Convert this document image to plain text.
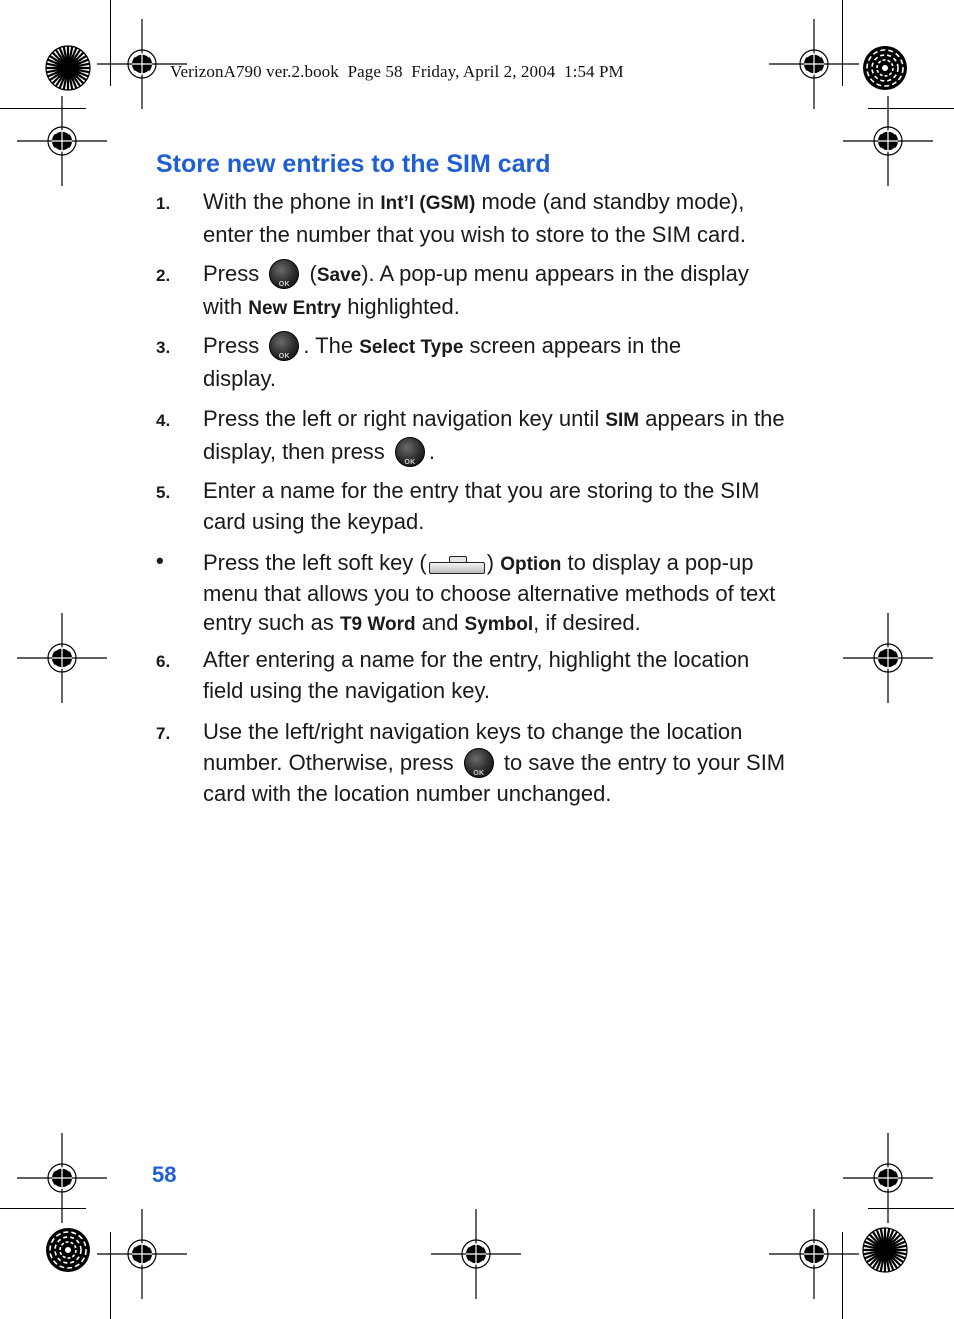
VerizonA790 ver.2.book  Page 58  Friday, April 2, 2004  1:54 PM
Store new entries to the SIM card
1.	With the phone in Int’l (GSM) mode (and standby mode), enter the number that you wish to store to the SIM card.
2.	Press	OK (Save). A pop-up menu appears in the display with New Entry highlighted.
3.	Press	OK . The Select Type screen appears in the display.
4.	Press the left or right navigation key until SIM appears in the display, then press	OK .
5.	Enter a name for the entry that you are storing to the SIM card using the keypad.
•	Press the left soft key (	) Option to display a pop-up menu that allows you to choose alternative methods of text entry such as T9 Word and Symbol, if desired.
6.	After entering a name for the entry, highlight the location field using the navigation key.
7.	Use the left/right navigation keys to change the location number. Otherwise, press	OK to save the entry to your SIM card with the location number unchanged.
58
